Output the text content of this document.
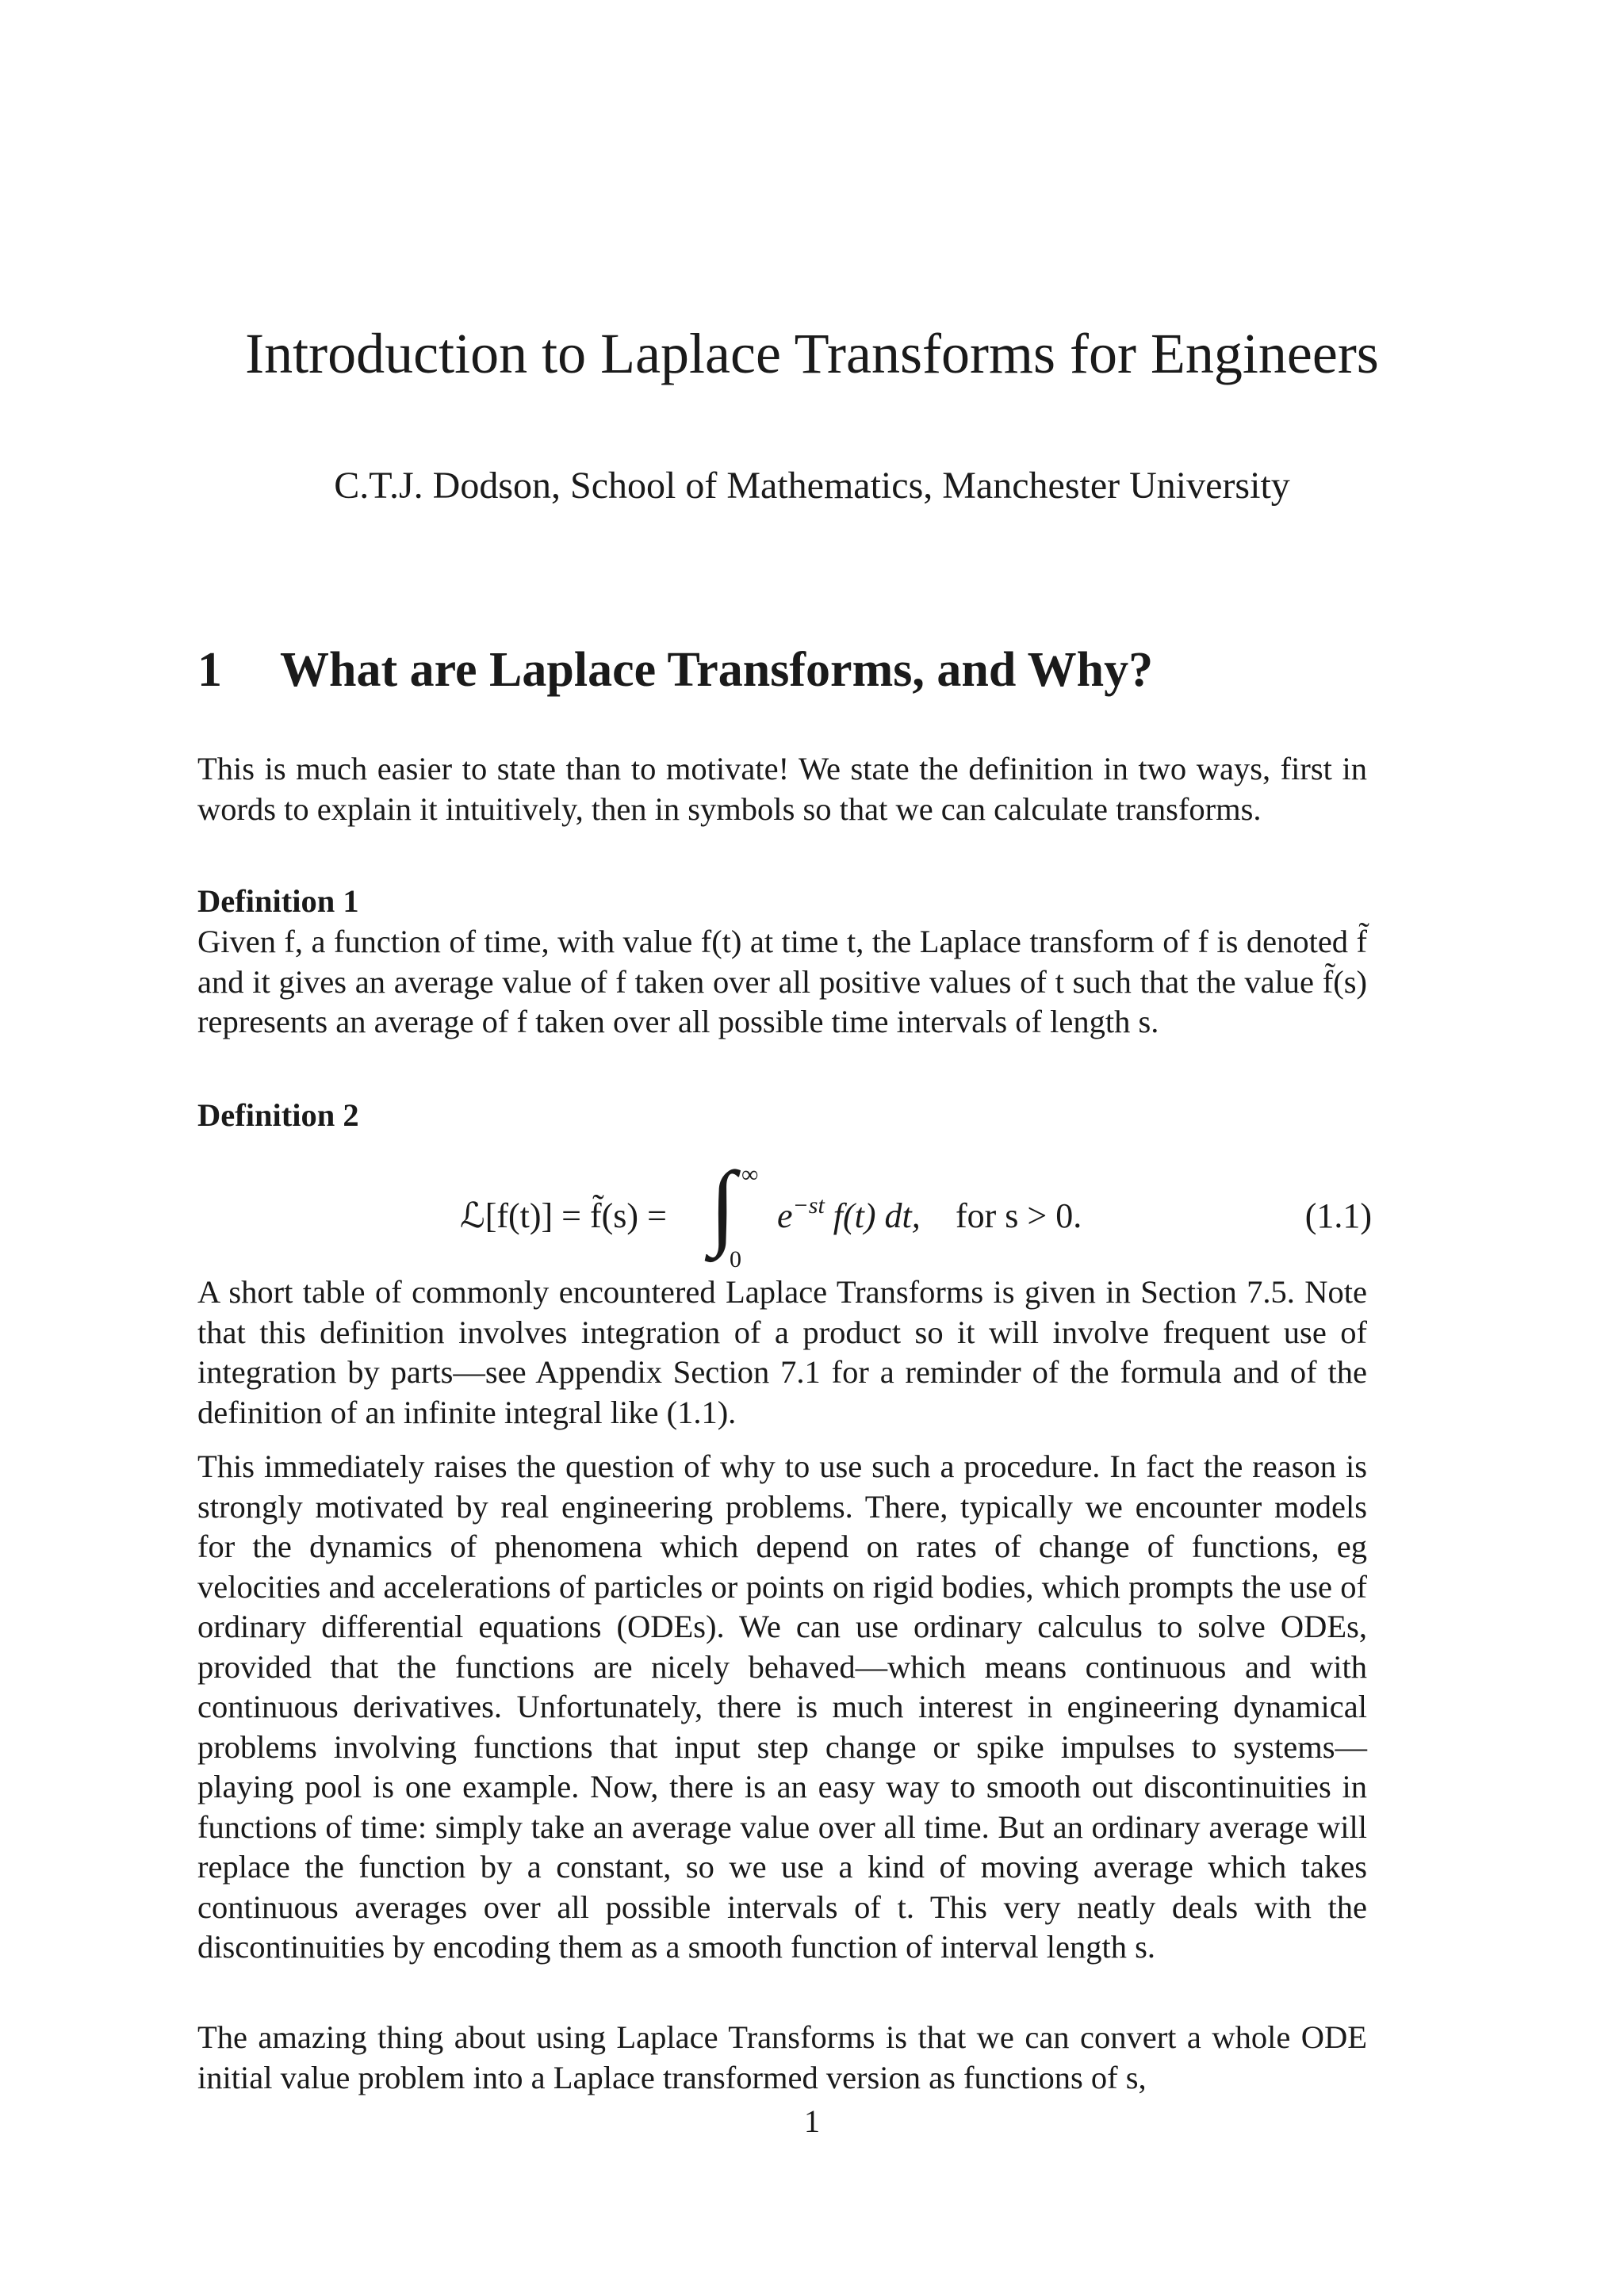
Introduction to Laplace Transforms for Engineers
C.T.J. Dodson, School of Mathematics, Manchester University
1 What are Laplace Transforms, and Why?

This is much easier to state than to motivate! We state the definition in two ways, first in words to explain it intuitively, then in symbols so that we can calculate transforms.

Definition 1

Given f, a function of time, with value f(t) at time t, the Laplace transform of f is denoted f̃ and it gives an average value of f taken over all positive values of t such that the value f̃(s) represents an average of f taken over all possible time intervals of length s.

Definition 2

ℒ[f(t)] = f̃(s) = ∫ ∞
0
$e^{-st}$ f(t) dt, for s > 0.	(1.1)

A short table of commonly encountered Laplace Transforms is given in Section 7.5. Note that this definition involves integration of a product so it will involve frequent use of integration by parts—see Appendix Section 7.1 for a reminder of the formula and of the definition of an infinite integral like (1.1).

This immediately raises the question of why to use such a procedure. In fact the reason is strongly motivated by real engineering problems. There, typically we encounter models for the dynamics of phenomena which depend on rates of change of functions, eg velocities and accelerations of particles or points on rigid bodies, which prompts the use of ordinary differential equations (ODEs). We can use ordinary calculus to solve ODEs, provided that the functions are nicely behaved—which means continuous and with continuous derivatives. Unfortunately, there is much interest in engineering dynamical problems involving functions that input step change or spike impulses to systems—playing pool is one example. Now, there is an easy way to smooth out discontinuities in functions of time: simply take an average value over all time. But an ordinary average will replace the function by a constant, so we use a kind of moving average which takes continuous averages over all possible intervals of t. This very neatly deals with the discontinuities by encoding them as a smooth function of interval length s.

The amazing thing about using Laplace Transforms is that we can convert a whole ODE initial value problem into a Laplace transformed version as functions of s,

1
